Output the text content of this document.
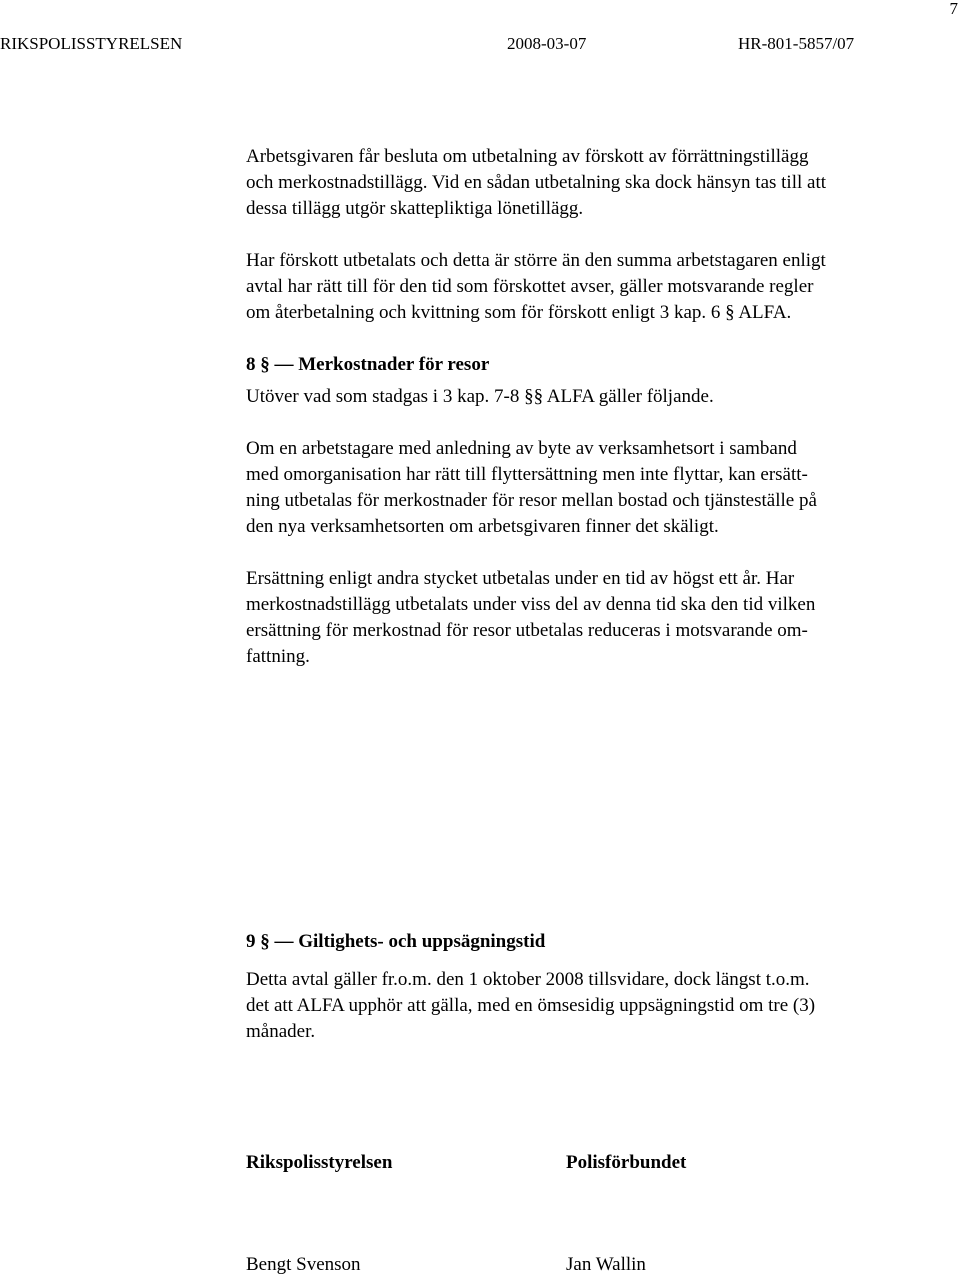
7
RIKSPOLISSTYRELSEN	2008-03-07	HR-801-5857/07

Arbetsgivaren får besluta om utbetalning av förskott av förrättningstillägg
och merkostnadstillägg. Vid en sådan utbetalning ska dock hänsyn tas till att
dessa tillägg utgör skattepliktiga lönetillägg.

Har förskott utbetalats och detta är större än den summa arbetstagaren enligt
avtal har rätt till för den tid som förskottet avser, gäller motsvarande regler
om återbetalning och kvittning som för förskott enligt 3 kap. 6 § ALFA.

8 § — Merkostnader för resor

Utöver vad som stadgas i 3 kap. 7-8 §§ ALFA gäller följande.

Om en arbetstagare med anledning av byte av verksamhetsort i samband
med omorganisation har rätt till flyttersättning men inte flyttar, kan ersätt-
ning utbetalas för merkostnader för resor mellan bostad och tjänsteställe på
den nya verksamhetsorten om arbetsgivaren finner det skäligt.

Ersättning enligt andra stycket utbetalas under en tid av högst ett år. Har
merkostnadstillägg utbetalats under viss del av denna tid ska den tid vilken
ersättning för merkostnad för resor utbetalas reduceras i motsvarande om-
fattning.

9 § — Giltighets- och uppsägningstid

Detta avtal gäller fr.o.m. den 1 oktober 2008 tillsvidare, dock längst t.o.m.
det att ALFA upphör att gälla, med en ömsesidig uppsägningstid om tre (3)
månader.

Rikspolisstyrelsen	Polisförbundet
Bengt Svenson	Jan Wallin
